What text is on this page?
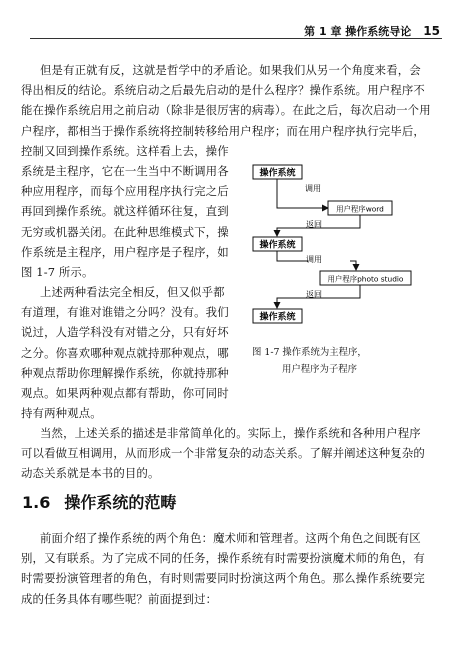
第 1 章 操作系统导论 15
但是有正就有反，这就是哲学中的矛盾论。如果我们从另一个角度来看，会
得出相反的结论。系统启动之后最先启动的是什么程序？操作系统。用户程序不
能在操作系统启用之前启动（除非是很厉害的病毒）。在此之后，每次启动一个用
户程序，都相当于操作系统将控制转移给用户程序；而在用户程序执行完毕后，
控制又回到操作系统。这样看上去，操作
系统是主程序，它在一生当中不断调用各
种应用程序，而每个应用程序执行完之后
再回到操作系统。就这样循环往复，直到
无穷或机器关闭。在此种思维模式下，操
作系统是主程序，用户程序是子程序，如
图 1-7 所示。
上述两种看法完全相反，但又似乎都
有道理，有谁对谁错之分吗？没有。我们
说过，人造学科没有对错之分，只有好坏
之分。你喜欢哪种观点就持那种观点，哪
种观点帮助你理解操作系统，你就持那种
观点。如果两种观点都有帮助，你可同时
持有两种观点。
操作系统
调用
用户程序word
返回
操作系统
调用
用户程序photo studio
返回
操作系统
图 1-7 操作系统为主程序，
用户程序为子程序
当然，上述关系的描述是非常简单化的。实际上，操作系统和各种用户程序
可以看做互相调用，从而形成一个非常复杂的动态关系。了解并阐述这种复杂的
动态关系就是本书的目的。
1.6 操作系统的范畴
前面介绍了操作系统的两个角色：魔术师和管理者。这两个角色之间既有区
别，又有联系。为了完成不同的任务，操作系统有时需要扮演魔术师的角色，有
时需要扮演管理者的角色，有时则需要同时扮演这两个角色。那么操作系统要完
成的任务具体有哪些呢？前面提到过：
